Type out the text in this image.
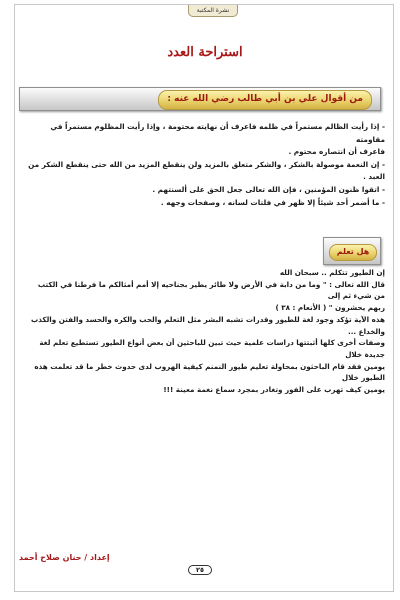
نشرة المكتبة
استراحة العدد
من أقوال علي بن أبي طالب رضي الله عنه :

- إذا رأيت الظالم مستمراً في ظلمه فاعرف أن نهايته محتومة ، وإذا رأيت المظلوم مستمراً في مقاومته

فاعرف أن انتصاره محتوم .

- إن النعمة موصولة بالشكر ، والشكر متعلق بالمزيد ولن ينقطع المزيد من الله حتى ينقطع الشكر من العبد .

- اتقوا ظنون المؤمنين ، فإن الله تعالى جعل الحق على ألسنتهم .

- ما أضمر أحد شيئاً إلا ظهر في فلتات لسانه ، وصفحات وجهه .

هل تعلم

إن الطيور تتكلم .. سبحان الله

قال الله تعالى : " وما من دابة في الأرض ولا طائر يطير بجناحيه إلا أمم أمثالكم ما فرطنا في الكتب من شيء ثم إلى

ربهم يحشرون " ( الأنعام : ٣٨ )

هذه الآية تؤكد وجود لغة للطيور وقدرات تشبه البشر مثل التعلم والحب والكره والحسد والفتن والكذب والخداع ...

وصفات أخرى كلها أثبتتها دراسات علمية حيث تبين للباحثين أن بعض أنواع الطيور تستطيع تعلم لغة جديدة خلال

يومين فقد قام الباحثون بمحاولة تعليم طيور النمنم كيفية الهروب لدى حدوث خطر ما قد تعلمت هذه الطيور خلال

يومين كيف تهرب على الفور وتغادر بمجرد سماع نغمة معينة !!!

إعداد / حنان صلاح أحمد
٢٥
